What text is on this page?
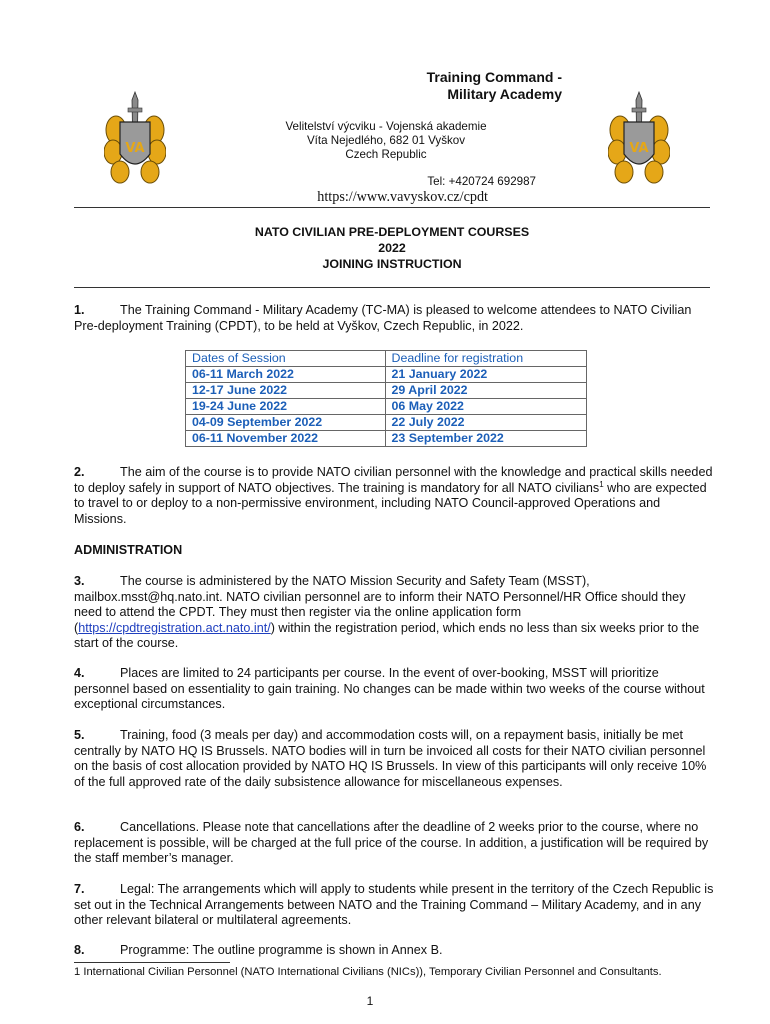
VA	VA
Training Command -
Military Academy
Velitelství výcviku - Vojenská akademie
Víta Nejedlého, 682 01 Vyškov
Czech Republic
Tel: +420724 692987
https://www.vavyskov.cz/cpdt
NATO CIVILIAN PRE-DEPLOYMENT COURSES
2022
JOINING INSTRUCTION
1.	The Training Command - Military Academy (TC-MA) is pleased to welcome attendees to NATO Civilian Pre-deployment Training (CPDT), to be held at Vyškov, Czech Republic, in 2022.
Dates of Session	Deadline for registration
06-11 March 2022	21 January 2022
12-17 June 2022	29 April 2022
19-24 June 2022	06 May 2022
04-09 September 2022	22 July 2022
06-11 November 2022	23 September 2022
2.	The aim of the course is to provide NATO civilian personnel with the knowledge and practical skills needed to deploy safely in support of NATO objectives. The training is mandatory for all NATO civilians$^1$ who are expected to travel to or deploy to a non-permissive environment, including NATO Council-approved Operations and Missions.
ADMINISTRATION
3.	The course is administered by the NATO Mission Security and Safety Team (MSST), mailbox.msst@hq.nato.int. NATO civilian personnel are to inform their NATO Personnel/HR Office should they need to attend the CPDT. They must then register via the online application form (https://cpdtregistration.act.nato.int/) within the registration period, which ends no less than six weeks prior to the start of the course.
4.	Places are limited to 24 participants per course. In the event of over-booking, MSST will prioritize personnel based on essentiality to gain training. No changes can be made within two weeks of the course without exceptional circumstances.
5.	Training, food (3 meals per day) and accommodation costs will, on a repayment basis, initially be met centrally by NATO HQ IS Brussels. NATO bodies will in turn be invoiced all costs for their NATO civilian personnel on the basis of cost allocation provided by NATO HQ IS Brussels. In view of this participants will only receive 10% of the full approved rate of the daily subsistence allowance for miscellaneous expenses.
6.	Cancellations. Please note that cancellations after the deadline of 2 weeks prior to the course, where no replacement is possible, will be charged at the full price of the course. In addition, a justification will be required by the staff member’s manager.
7.	Legal: The arrangements which will apply to students while present in the territory of the Czech Republic is set out in the Technical Arrangements between NATO and the Training Command – Military Academy, and in any other relevant bilateral or multilateral agreements.
8.	Programme: The outline programme is shown in Annex B.
1 International Civilian Personnel (NATO International Civilians (NICs)), Temporary Civilian Personnel and Consultants.
1
